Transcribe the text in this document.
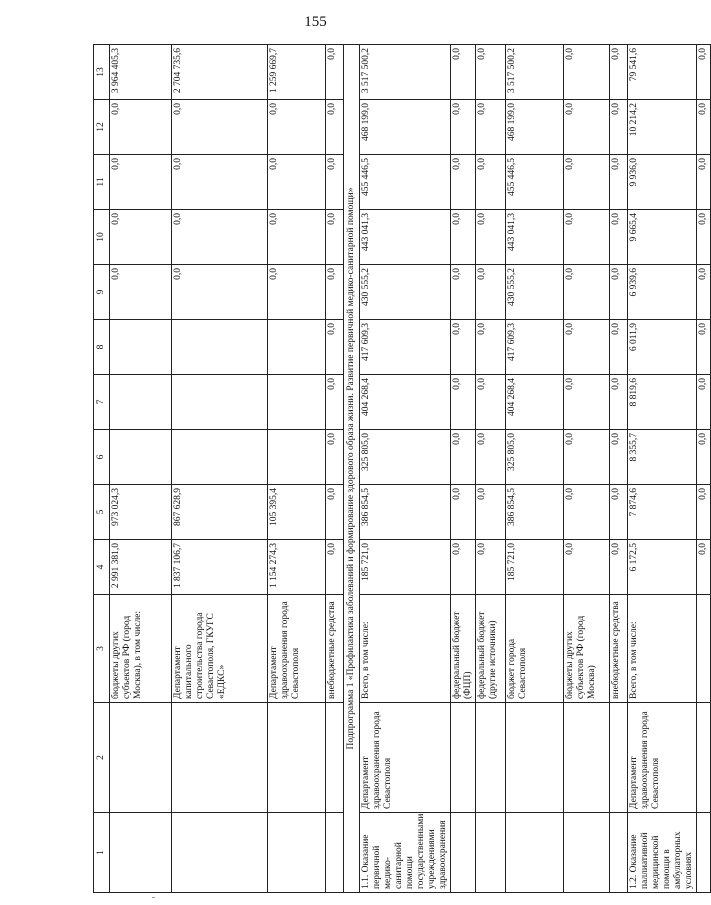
155
1	2	3	4	5	6	7	8	9	10	11	12	13
		бюджеты других субъектов РФ (город Москва), в том числе:	2 991 381,0	973 024,3				0,0	0,0	0,0	0,0	3 964 405,3
		Департамент капитального строительства города Севастополя, ГКУГС «ЕДКС»	1 837 106,7	867 628,9				0,0	0,0	0,0	0,0	2 704 735,6
		Департамент здравоохранения города Севастополя	1 154 274,3	105 395,4				0,0	0,0	0,0	0,0	1 259 669,7
		внебюджетные средства	0,0	0,0	0,0	0,0	0,0	0,0	0,0	0,0	0,0	0,0
Подпрограмма 1 «Профилактика заболеваний и формирование здорового образа жизни. Развитие первичной медико-санитарной помощи»												
1.1. Оказание первичной медико-санитарной помощи государственными учреждениями здравоохранения	Департамент здравоохранения города Севастополя	Всего, в том числе:	185 721,0	386 854,5	325 805,0	404 268,4	417 609,3	430 555,2	443 041,3	455 446,5	468 199,0	3 517 500,2
		федеральный бюджет (ФЦП)	0,0	0,0	0,0	0,0	0,0	0,0	0,0	0,0	0,0	0,0
		федеральный бюджет (другие источники)	0,0	0,0	0,0	0,0	0,0	0,0	0,0	0,0	0,0	0,0
		бюджет города Севастополя	185 721,0	386 854,5	325 805,0	404 268,4	417 609,3	430 555,2	443 041,3	455 446,5	468 199,0	3 517 500,2
		бюджеты других субъектов РФ (город Москва)	0,0	0,0	0,0	0,0	0,0	0,0	0,0	0,0	0,0	0,0
		внебюджетные средства	0,0	0,0	0,0	0,0	0,0	0,0	0,0	0,0	0,0	0,0
1.2. Оказание паллиативной медицинской помощи в амбулаторных условиях	Департамент здравоохранения города Севастополя	Всего, в том числе:	6 172,5	7 874,6	8 355,7	8 819,6	6 011,9	6 939,6	9 665,4	9 936,0	10 214,2	79 541,6
			0,0	0,0	0,0	0,0	0,0	0,0	0,0	0,0	0,0	0,0
